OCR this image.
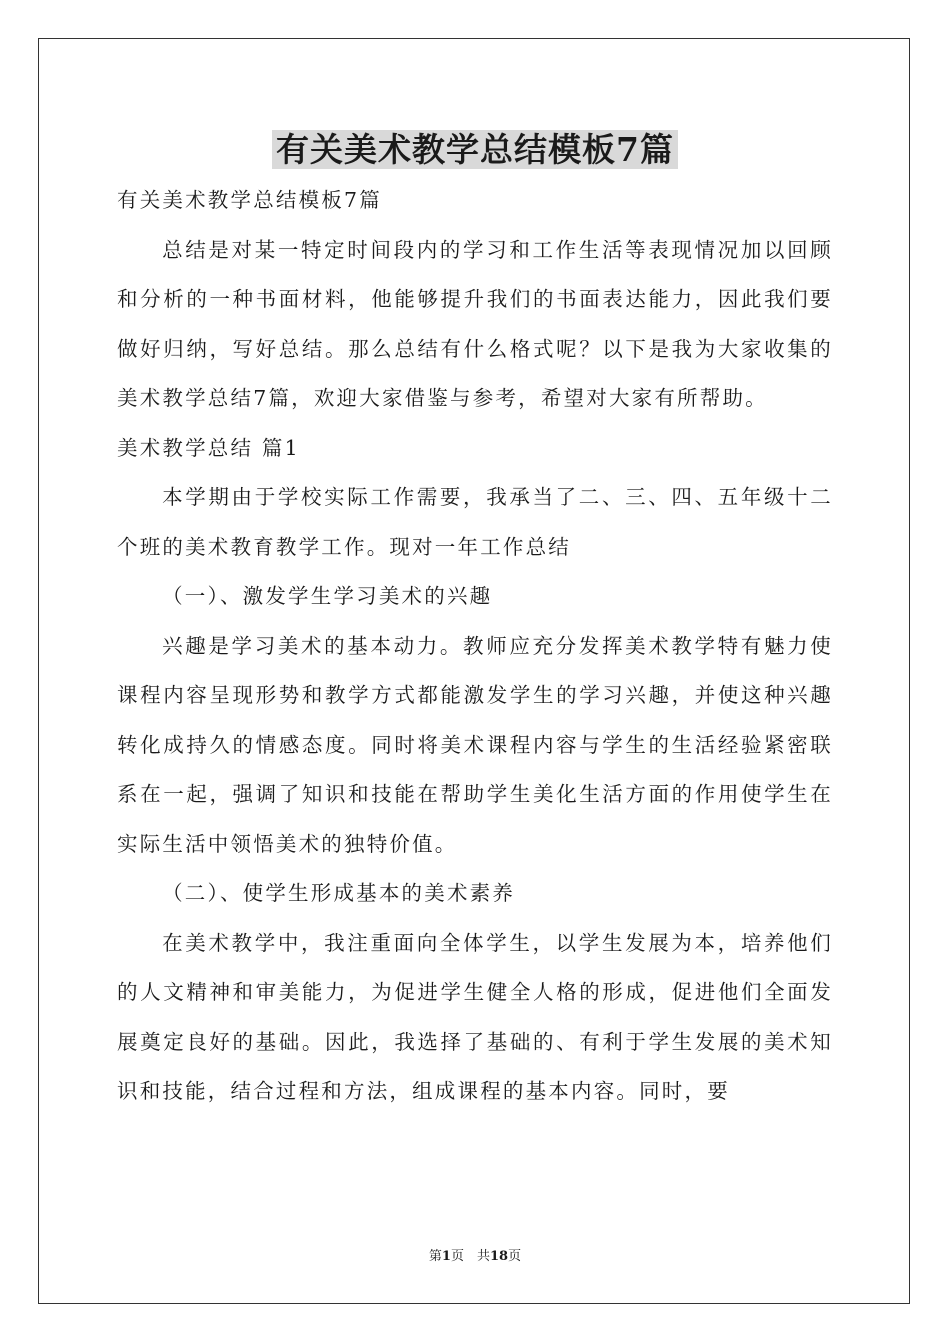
有关美术教学总结模板7篇

有关美术教学总结模板7篇

总结是对某一特定时间段内的学习和工作生活等表现情况加以回顾和分析的一种书面材料，他能够提升我们的书面表达能力，因此我们要做好归纳，写好总结。那么总结有什么格式呢？以下是我为大家收集的美术教学总结7篇，欢迎大家借鉴与参考，希望对大家有所帮助。

美术教学总结 篇1

本学期由于学校实际工作需要，我承当了二、三、四、五年级十二个班的美术教育教学工作。现对一年工作总结

（一）、激发学生学习美术的兴趣

兴趣是学习美术的基本动力。教师应充分发挥美术教学特有魅力使课程内容呈现形势和教学方式都能激发学生的学习兴趣，并使这种兴趣转化成持久的情感态度。同时将美术课程内容与学生的生活经验紧密联系在一起，强调了知识和技能在帮助学生美化生活方面的作用使学生在实际生活中领悟美术的独特价值。

（二）、使学生形成基本的美术素养

在美术教学中，我注重面向全体学生，以学生发展为本，培养他们的人文精神和审美能力，为促进学生健全人格的形成，促进他们全面发展奠定良好的基础。因此，我选择了基础的、有利于学生发展的美术知识和技能，结合过程和方法，组成课程的基本内容。同时，要

第1页　共18页
